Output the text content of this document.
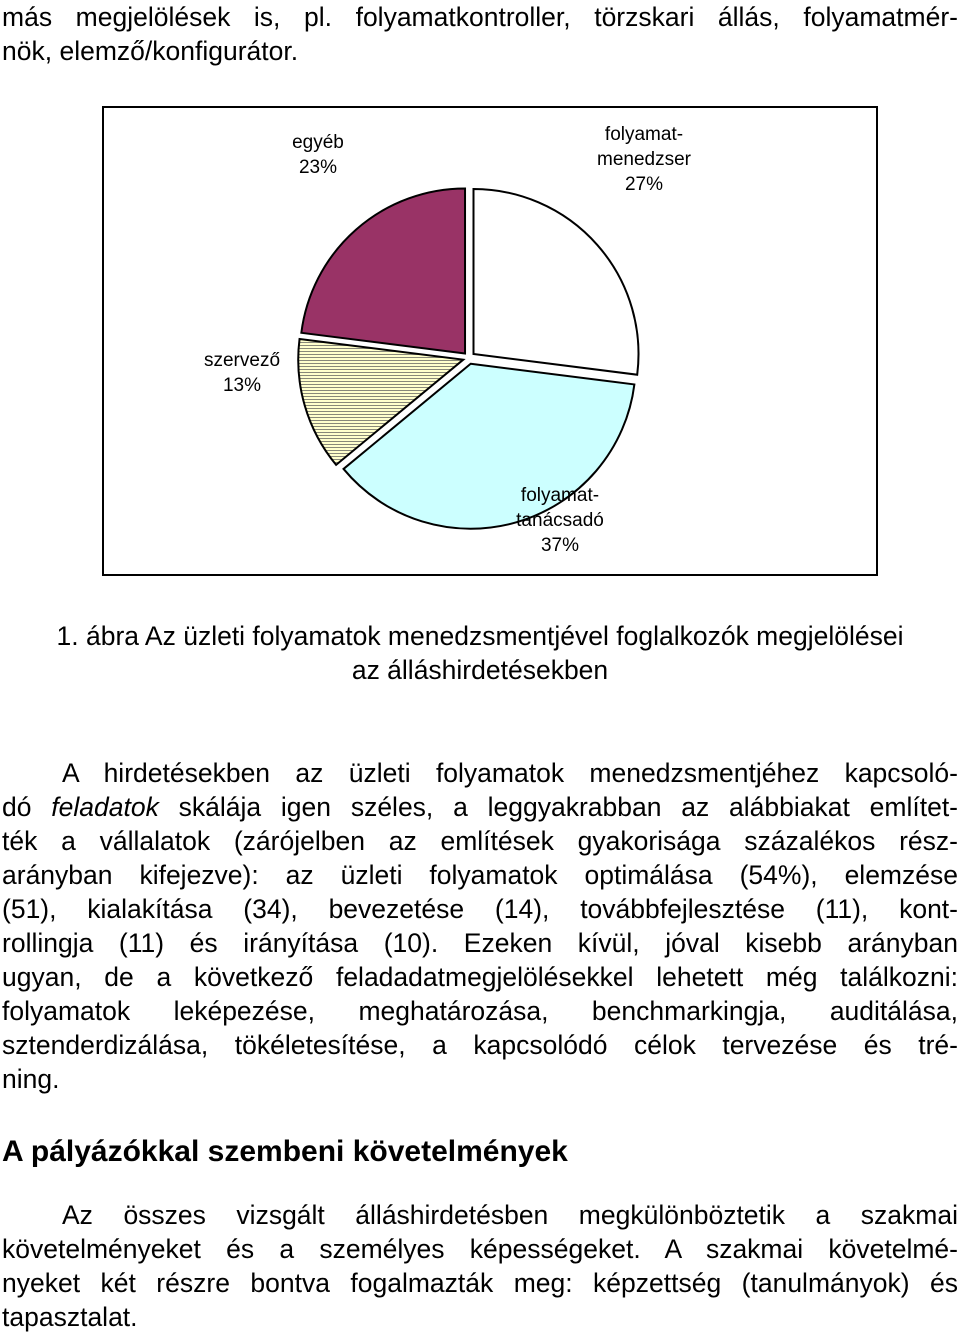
más megjelölések is, pl. folyamatkontroller, törzskari állás, folyamatmér-
nök, elemző/konfigurátor.
folyamat-
menedzser
27%
folyamat-
tanácsadó
37%
szervező
13%
egyéb
23%
1. ábra Az üzleti folyamatok menedzsmentjével foglalkozók megjelölései
az álláshirdetésekben
A hirdetésekben az üzleti folyamatok menedzsmentjéhez kapcsoló-
dó feladatok skálája igen széles, a leggyakrabban az alábbiakat említet-
ték a vállalatok (zárójelben az említések gyakorisága százalékos rész-
arányban kifejezve): az üzleti folyamatok optimálása (54%), elemzése
(51), kialakítása (34), bevezetése (14), továbbfejlesztése (11), kont-
rollingja (11) és irányítása (10). Ezeken kívül, jóval kisebb arányban
ugyan, de a következő feladadatmegjelölésekkel lehetett még találkozni:
folyamatok leképezése, meghatározása, benchmarkingja, auditálása,
sztenderdizálása, tökéletesítése, a kapcsolódó célok tervezése és tré-
ning.
A pályázókkal szembeni követelmények
Az összes vizsgált álláshirdetésben megkülönböztetik a szakmai
követelményeket és a személyes képességeket. A szakmai követelmé-
nyeket két részre bontva fogalmazták meg: képzettség (tanulmányok) és
tapasztalat.
